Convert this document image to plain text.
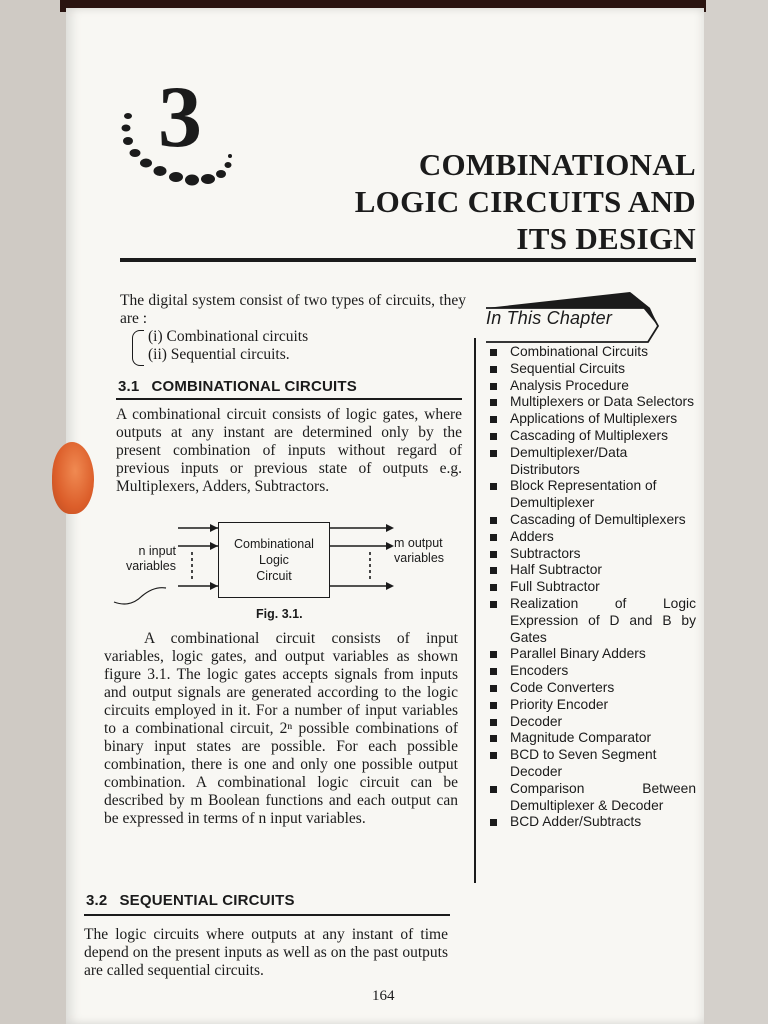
3	COMBINATIONAL
LOGIC CIRCUITS AND
ITS DESIGN
The digital system consist of two types of circuits, they are :
(i) Combinational circuits
(ii) Sequential circuits.
3.1 COMBINATIONAL CIRCUITS
A combinational circuit consists of logic gates, where outputs at any instant are determined only by the present combination of inputs without regard of previous inputs or previous state of outputs e.g. Multiplexers, Adders, Subtractors.
n input
variables
Combinational
Logic
Circuit
m output
variables
Fig. 3.1.
A combinational circuit consists of input variables, logic gates, and output variables as shown figure 3.1. The logic gates accepts signals from inputs and output signals are generated according to the logic circuits employed in it. For a number of input variables to a combinational circuit, 2ⁿ possible combinations of binary input states are possible. For each possible combination, there is one and only one possible output combination. A combinational logic circuit can be described by m Boolean functions and each output can be expressed in terms of n input variables.
3.2 SEQUENTIAL CIRCUITS
The logic circuits where outputs at any instant of time depend on the present inputs as well as on the past outputs are called sequential circuits.
In This Chapter
Combinational Circuits
Sequential Circuits
Analysis Procedure
Multiplexers or Data Selectors
Applications of Multiplexers
Cascading of Multiplexers
Demultiplexer/Data Distributors
Block Representation of Demultiplexer
Cascading of Demultiplexers
Adders
Subtractors
Half Subtractor
Full Subtractor
Realization of Logic Expression of D and B by Gates
Parallel Binary Adders
Encoders
Code Converters
Priority Encoder
Decoder
Magnitude Comparator
BCD to Seven Segment Decoder
Comparison Between Demultiplexer & Decoder
BCD Adder/Subtracts
164
